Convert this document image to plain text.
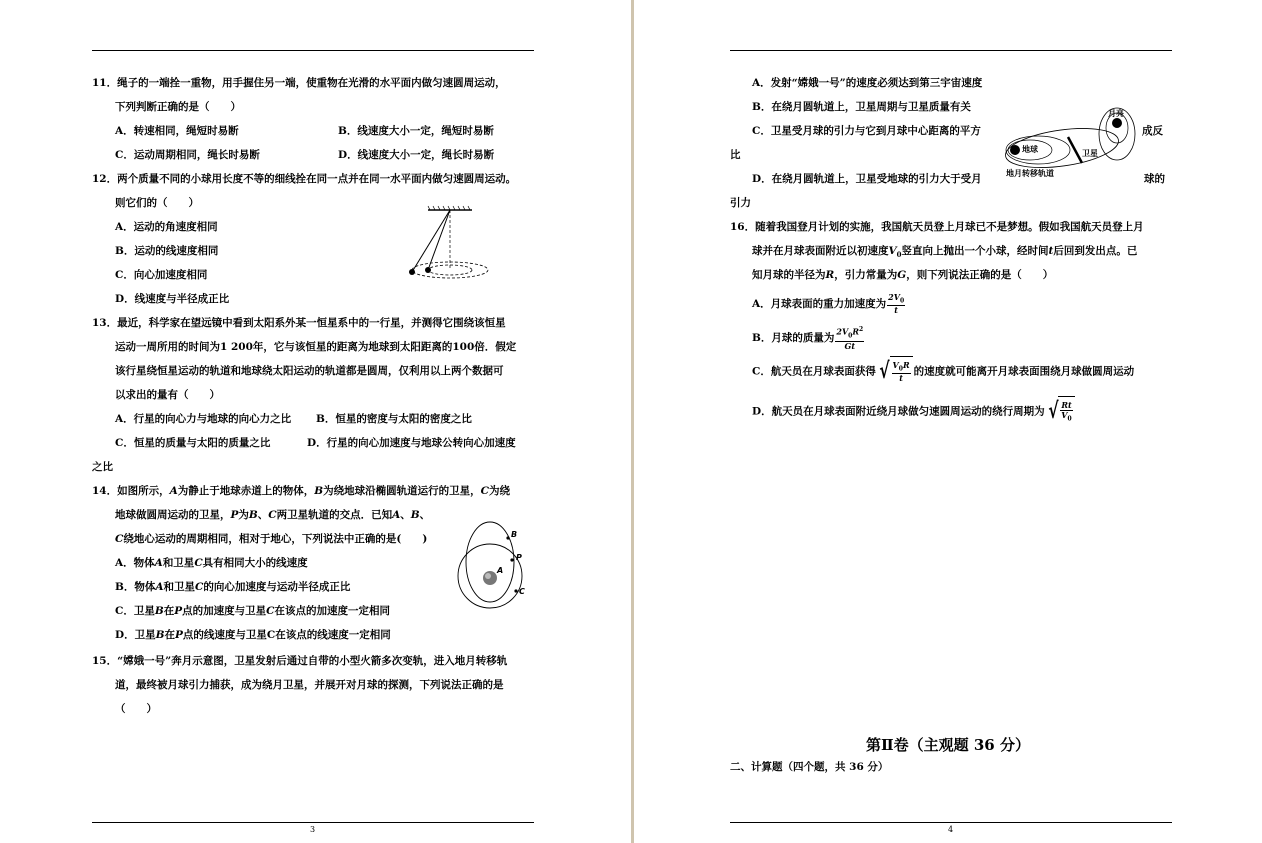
11．绳子的一端拴一重物，用手握住另一端，使重物在光滑的水平面内做匀速圆周运动，
下列判断正确的是（　　）
A．转速相同，绳短时易断	B．线速度大小一定，绳短时易断
C．运动周期相同，绳长时易断	D．线速度大小一定，绳长时易断
12．两个质量不同的小球用长度不等的细线拴在同一点并在同一水平面内做匀速圆周运动。
则它们的（　　）
A．运动的角速度相同
B．运动的线速度相同
C．向心加速度相同
D．线速度与半径成正比
13．最近，科学家在望远镜中看到太阳系外某一恒星系中的一行星，并测得它围绕该恒星
运动一周所用的时间为1 200年，它与该恒星的距离为地球到太阳距离的100倍．假定
该行星绕恒星运动的轨道和地球绕太阳运动的轨道都是圆周，仅利用以上两个数据可
以求出的量有（　　）
A．行星的向心力与地球的向心力之比 B．恒星的密度与太阳的密度之比
C．恒星的质量与太阳的质量之比	D．行星的向心加速度与地球公转向心加速度
之比
14．如图所示，A为静止于地球赤道上的物体，B为绕地球沿椭圆轨道运行的卫星，C为绕
地球做圆周运动的卫星，P为B、C两卫星轨道的交点．已知A、B、
C绕地心运动的周期相同，相对于地心，下列说法中正确的是(　　)
A．物体A和卫星C具有相同大小的线速度
B．物体A和卫星C的向心加速度与运动半径成正比
C．卫星B在P点的加速度与卫星C在该点的加速度一定相同
D．卫星B在P点的线速度与卫星C在该点的线速度一定相同
B
P
A
C
15．“嫦娥一号”奔月示意图，卫星发射后通过自带的小型火箭多次变轨，进入地月转移轨
道，最终被月球引力捕获，成为绕月卫星，并展开对月球的探测，下列说法正确的是
（　　）
3
A．发射“嫦娥一号”的速度必须达到第三宇宙速度
B．在绕月圆轨道上，卫星周期与卫星质量有关
C．卫星受月球的引力与它到月球中心距离的平方	成反
比
D．在绕月圆轨道上，卫星受地球的引力大于受月	球的
引力
月亮
地球	卫星
地月转移轨道
16．随着我国登月计划的实施，我国航天员登上月球已不是梦想。假如我国航天员登上月
球并在月球表面附近以初速度$V_0$竖直向上抛出一个小球，经时间t后回到发出点。已
知月球的半径为R，引力常量为G，则下列说法正确的是（　　）
A．月球表面的重力加速度为 $\frac{2V_0}{t}$
B．月球的质量为 $\frac{2V_0R^2}{Gt}$
C．航天员在月球表面获得 √ $\frac{V_0R}{t}$ 的速度就可能离开月球表面围绕月球做圆周运动
D．航天员在月球表面附近绕月球做匀速圆周运动的绕行周期为 √ $\frac{Rt}{V_0}$
第Ⅱ卷（主观题 36 分）
二、计算题（四个题，共 36 分）
4
